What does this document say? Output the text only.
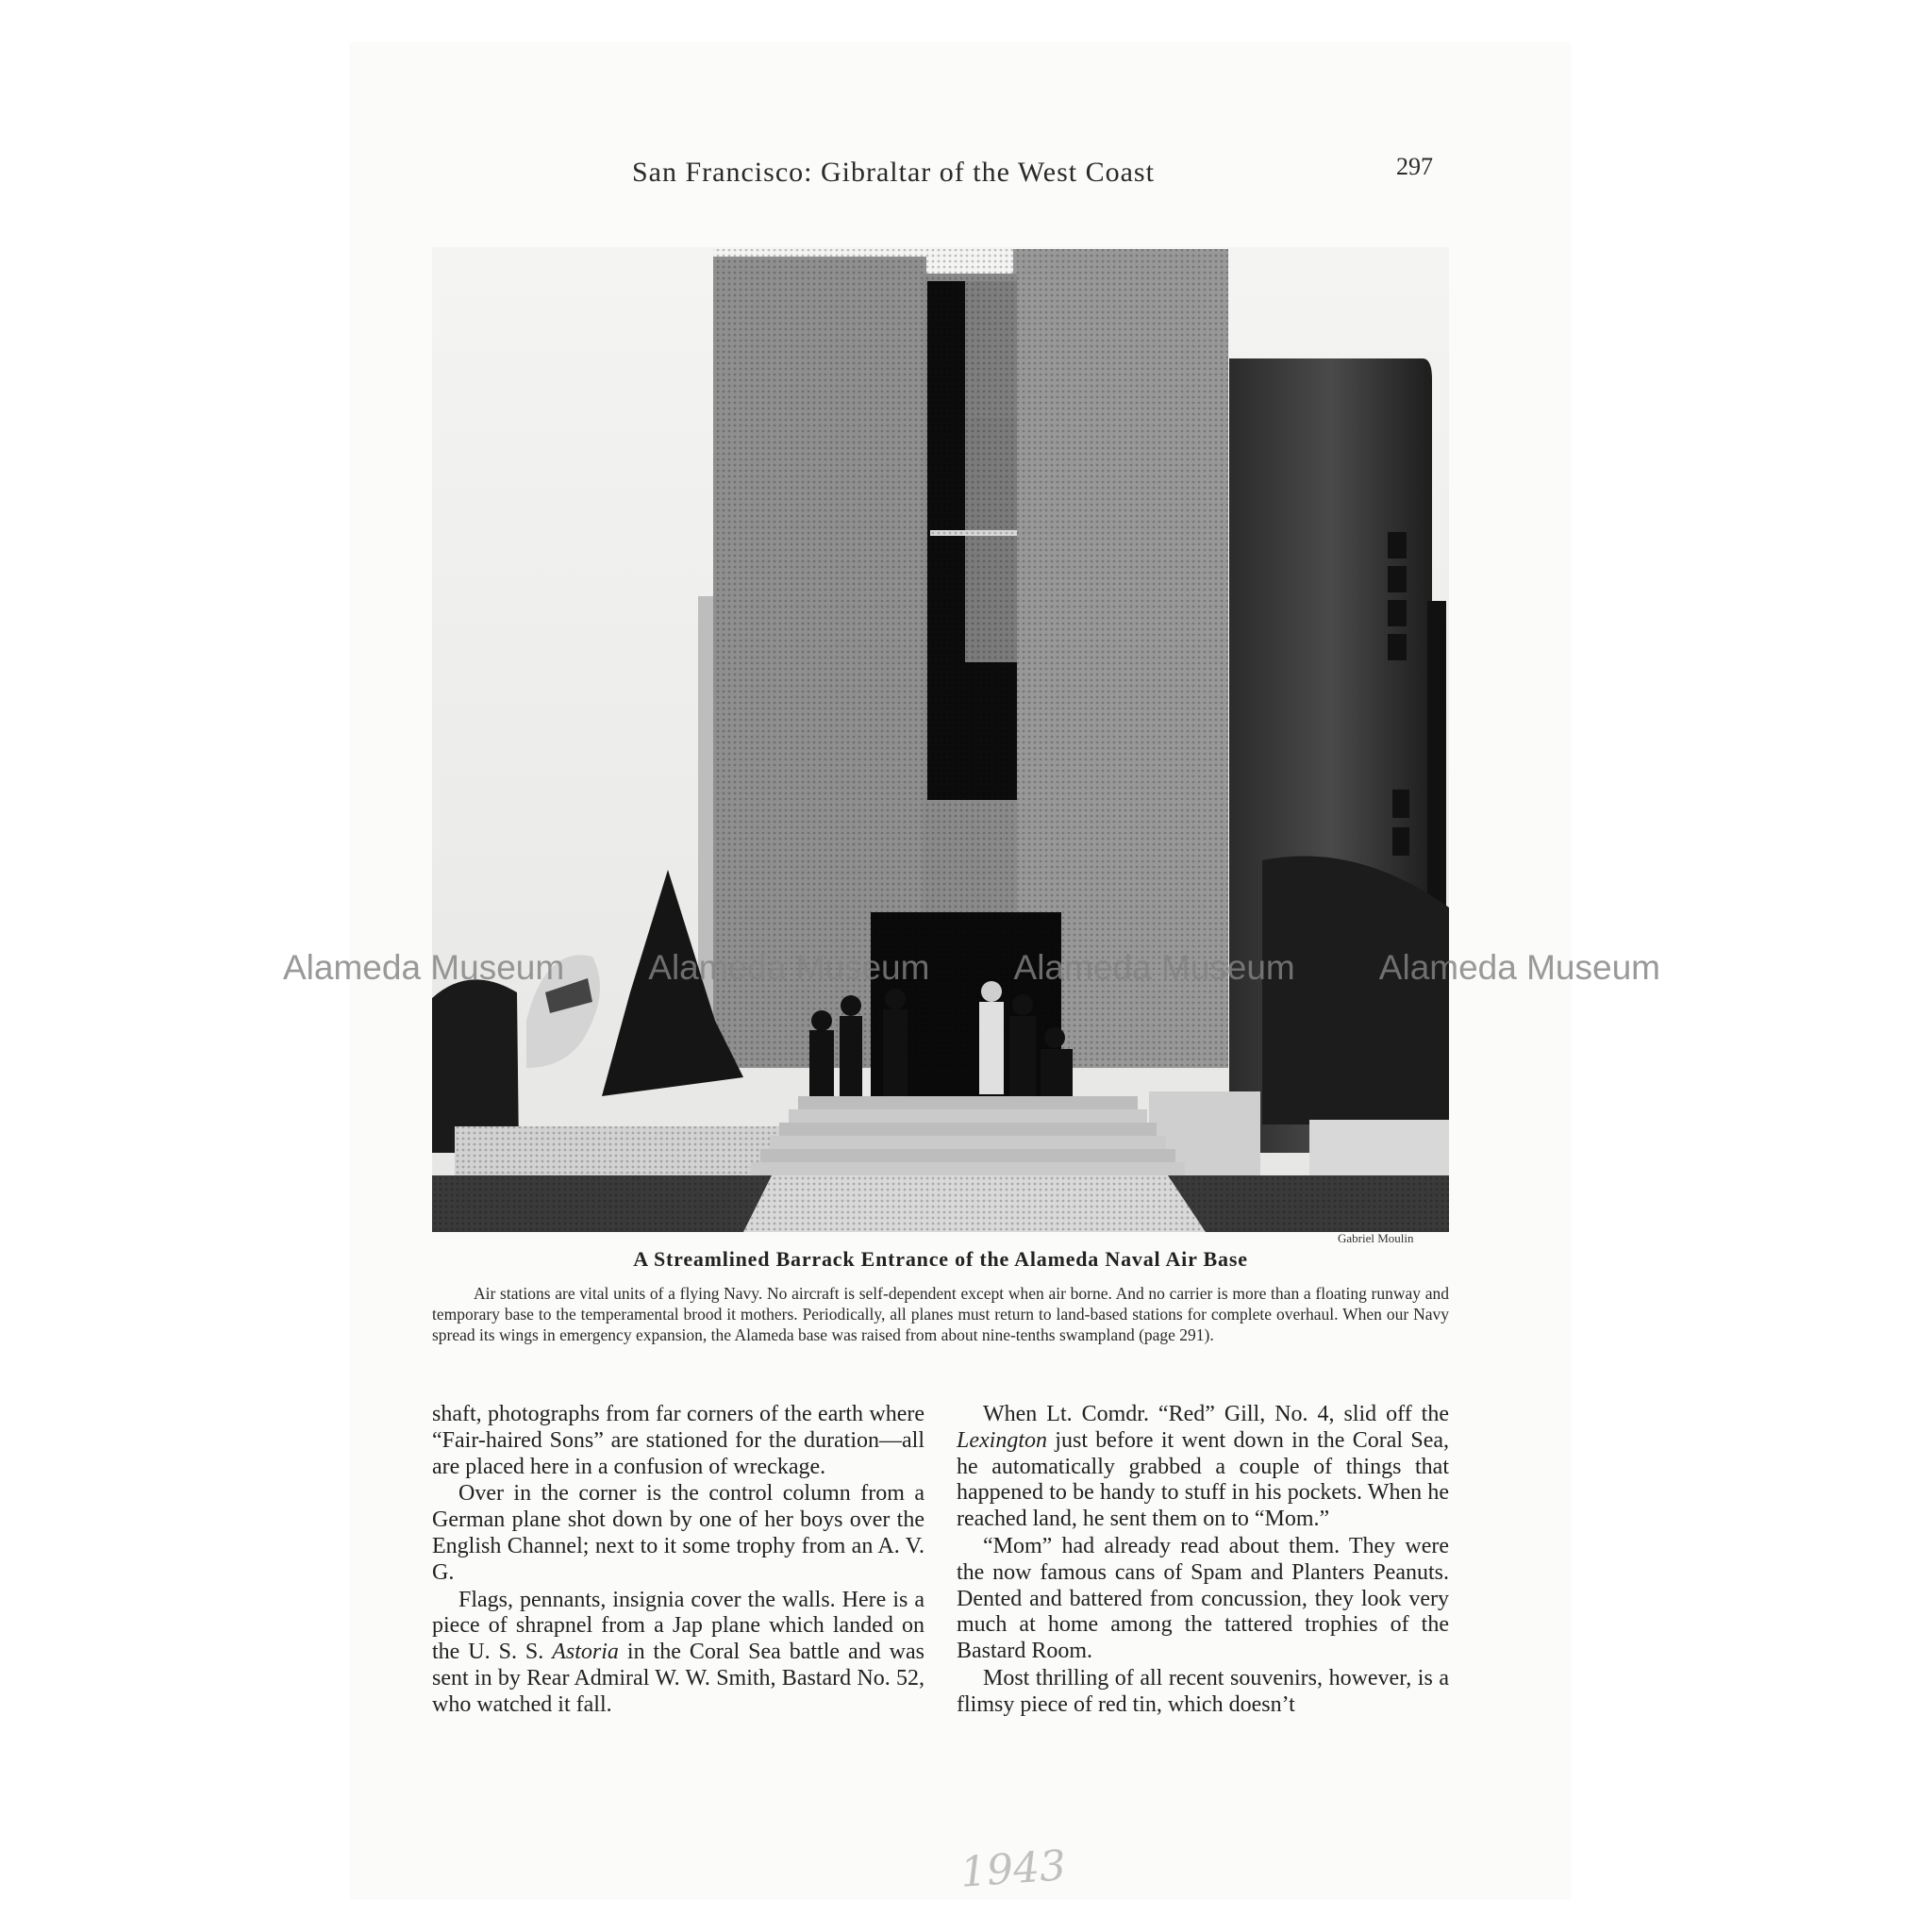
San Francisco: Gibraltar of the West Coast	297
Gabriel Moulin
A Streamlined Barrack Entrance of the Alameda Naval Air Base
Air stations are vital units of a flying Navy. No aircraft is self-dependent except when air borne. And no carrier is more than a floating runway and temporary base to the temperamental brood it mothers. Periodically, all planes must return to land-based stations for complete overhaul. When our Navy spread its wings in emergency expansion, the Alameda base was raised from about nine-tenths swampland (page 291).

shaft, photographs from far corners of the earth where “Fair-haired Sons” are stationed for the duration—all are placed here in a confusion of wreckage.

Over in the corner is the control column from a German plane shot down by one of her boys over the English Channel; next to it some trophy from an A. V. G.

Flags, pennants, insignia cover the walls. Here is a piece of shrapnel from a Jap plane which landed on the U. S. S. Astoria in the Coral Sea battle and was sent in by Rear Admiral W. W. Smith, Bastard No. 52, who watched it fall.

When Lt. Comdr. “Red” Gill, No. 4, slid off the Lexington just before it went down in the Coral Sea, he automatically grabbed a couple of things that happened to be handy to stuff in his pockets. When he reached land, he sent them on to “Mom.”

“Mom” had already read about them. They were the now famous cans of Spam and Planters Peanuts. Dented and battered from concussion, they look very much at home among the tattered trophies of the Bastard Room.

Most thrilling of all recent souvenirs, however, is a flimsy piece of red tin, which doesn’t

Alameda Museum Alameda Museum Alameda Museum Alameda Museum
1943
